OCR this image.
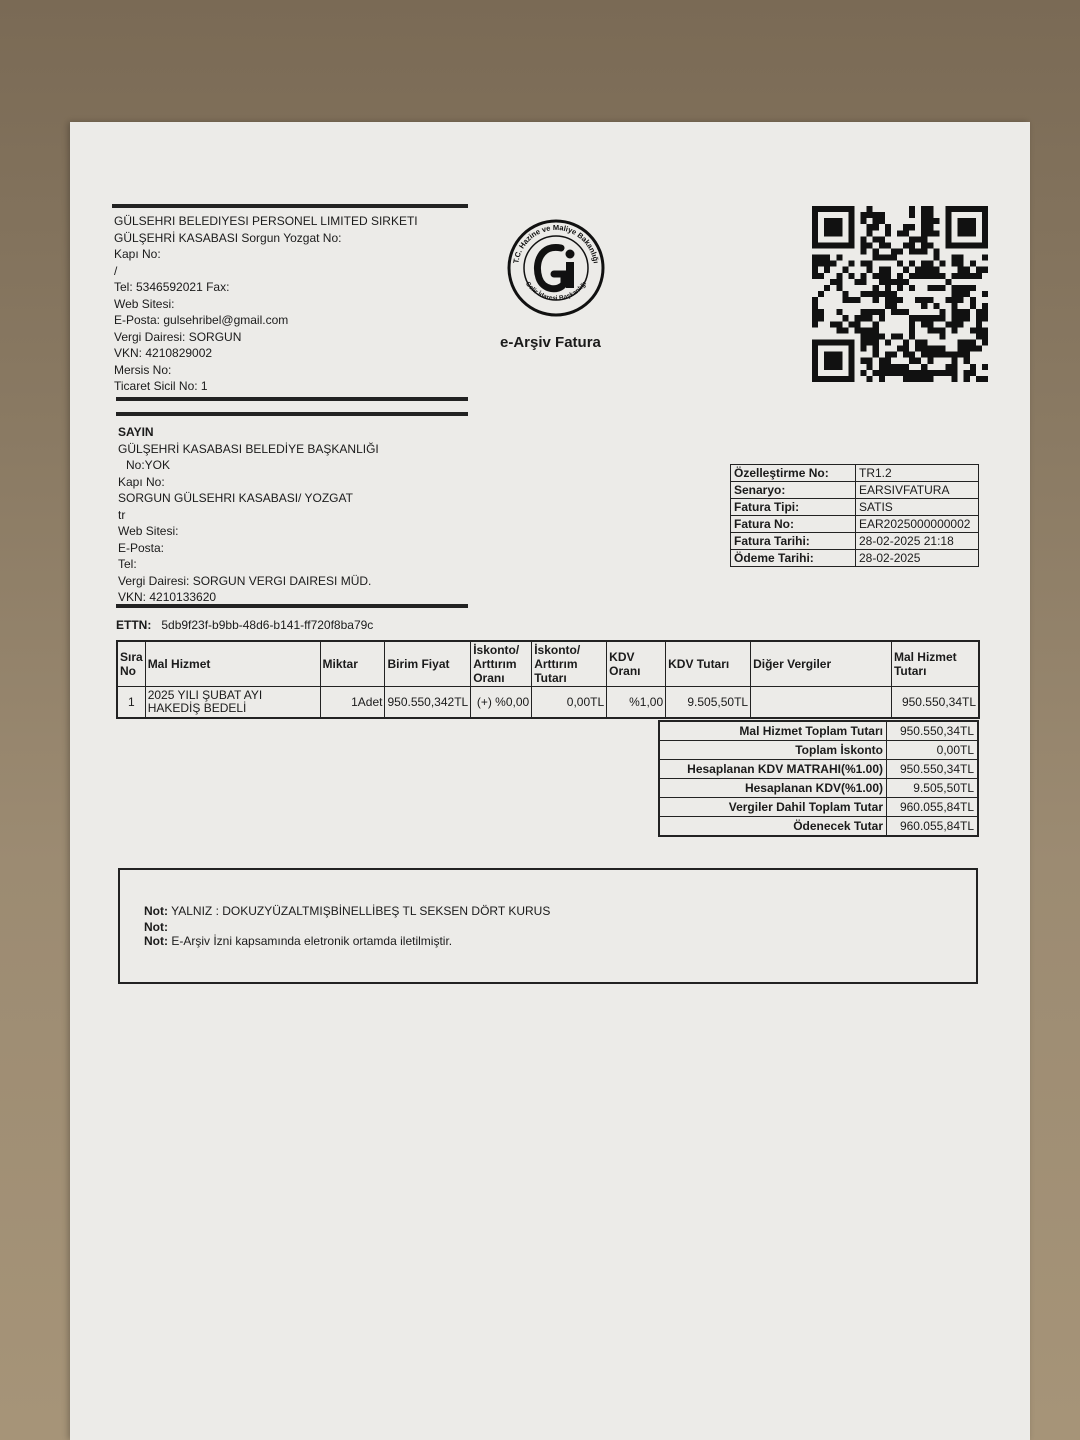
GÜLSEHRI BELEDIYESI PERSONEL LIMITED SIRKETI
GÜLŞEHRİ KASABASI Sorgun Yozgat No:
Kapı No:
/
Tel: 5346592021 Fax:
Web Sitesi:
E-Posta: gulsehribel@gmail.com
Vergi Dairesi: SORGUN
VKN: 4210829002
Mersis No:
Ticaret Sicil No: 1
T.C. Hazine ve Maliye Bakanlığı
Gelir İdaresi Başkanlığı
e-Arşiv Fatura
SAYIN
GÜLŞEHRİ KASABASI BELEDİYE BAŞKANLIĞI
No:YOK
Kapı No:
SORGUN GÜLSEHRI KASABASI/ YOZGAT
tr
Web Sitesi:
E-Posta:
Tel:
Vergi Dairesi: SORGUN VERGI DAIRESI MÜD.
VKN: 4210133620
Özelleştirme No:	TR1.2
Senaryo:	EARSIVFATURA
Fatura Tipi:	SATIS
Fatura No:	EAR2025000000002
Fatura Tarihi:	28-02-2025 21:18
Ödeme Tarihi:	28-02-2025
ETTN: 5db9f23f-b9bb-48d6-b141-ff720f8ba79c
Sıra No	Mal Hizmet	Miktar	Birim Fiyat	İskonto/ Arttırım Oranı	İskonto/ Arttırım Tutarı	KDV Oranı	KDV Tutarı	Diğer Vergiler	Mal Hizmet Tutarı
1	2025 YILI ŞUBAT AYI HAKEDİŞ BEDELİ	1Adet	950.550,342TL	(+) %0,00	0,00TL	%1,00	9.505,50TL		950.550,34TL
Mal Hizmet Toplam Tutarı	950.550,34TL
Toplam İskonto	0,00TL
Hesaplanan KDV MATRAHI(%1.00)	950.550,34TL
Hesaplanan KDV(%1.00)	9.505,50TL
Vergiler Dahil Toplam Tutar	960.055,84TL
Ödenecek Tutar	960.055,84TL
Not: YALNIZ : DOKUZYÜZALTMIŞBİNELLİBEŞ TL SEKSEN DÖRT KURUS
Not:
Not: E-Arşiv İzni kapsamında eletronik ortamda iletilmiştir.
